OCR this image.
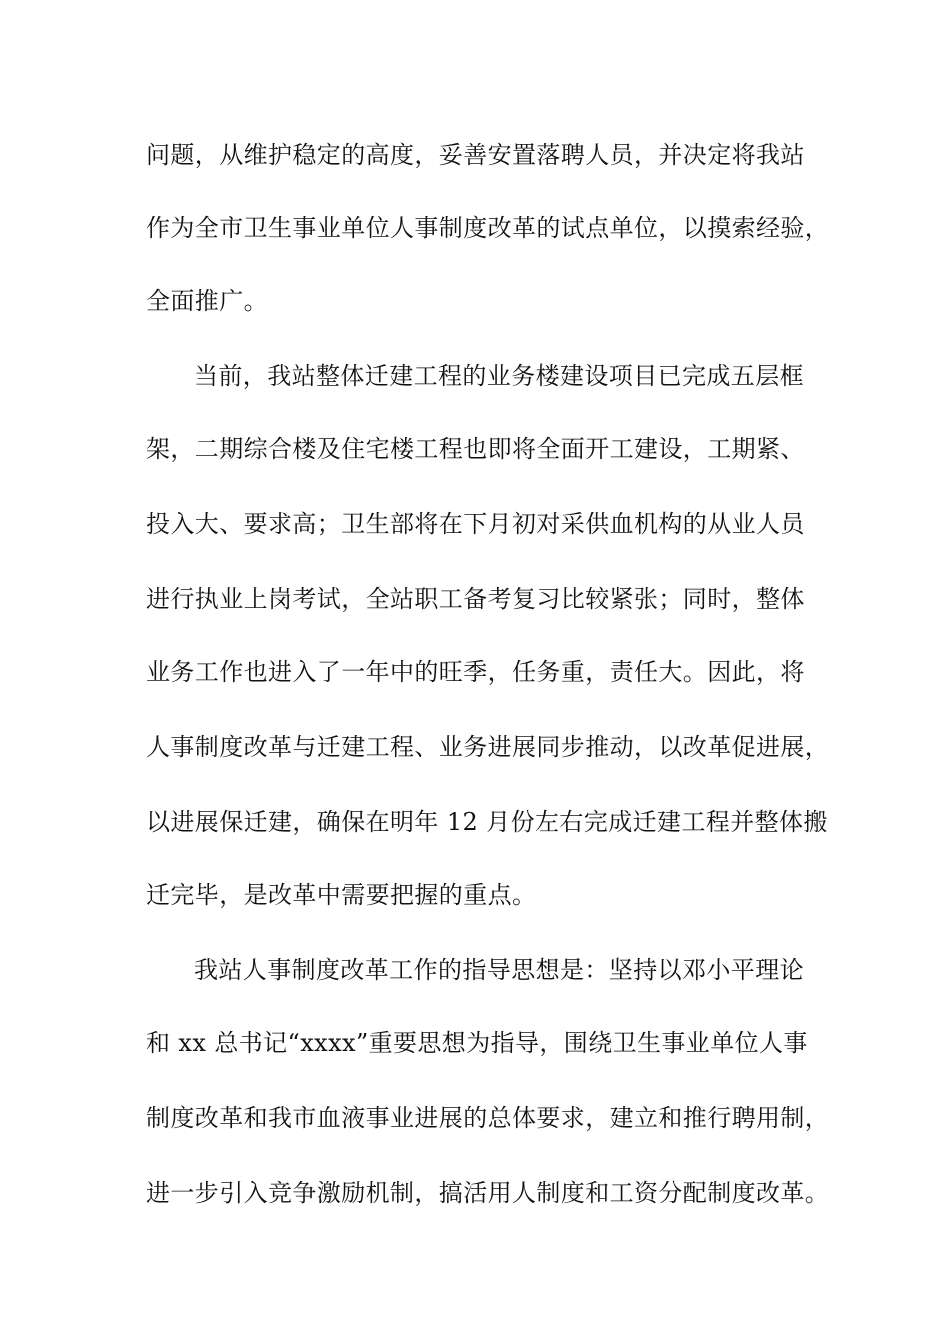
问题，从维护稳定的高度，妥善安置落聘人员，并决定将我站
作为全市卫生事业单位人事制度改革的试点单位，以摸索经验，
全面推广。
当前，我站整体迁建工程的业务楼建设项目已完成五层框
架，二期综合楼及住宅楼工程也即将全面开工建设，工期紧、
投入大、要求高；卫生部将在下月初对采供血机构的从业人员
进行执业上岗考试，全站职工备考复习比较紧张；同时，整体
业务工作也进入了一年中的旺季，任务重，责任大。因此，将
人事制度改革与迁建工程、业务进展同步推动，以改革促进展，
以进展保迁建，确保在明年 12 月份左右完成迁建工程并整体搬
迁完毕，是改革中需要把握的重点。
我站人事制度改革工作的指导思想是：坚持以邓小平理论
和 xx 总书记“xxxx”重要思想为指导，围绕卫生事业单位人事
制度改革和我市血液事业进展的总体要求，建立和推行聘用制，
进一步引入竞争激励机制，搞活用人制度和工资分配制度改革。
